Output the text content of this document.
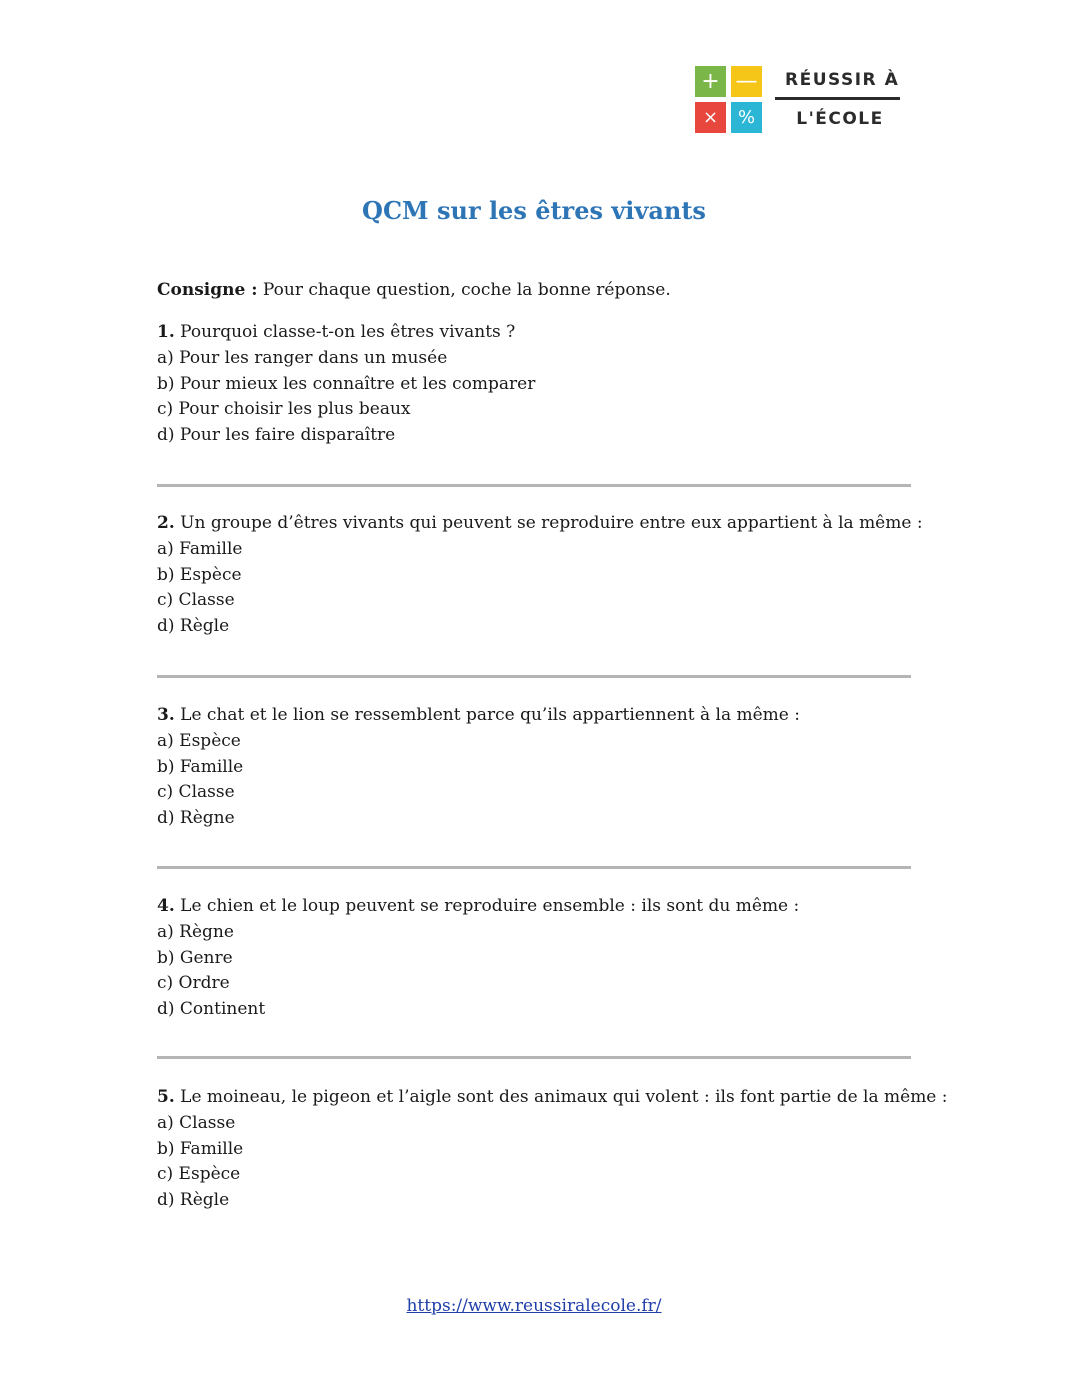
+ —
×	%
RÉUSSIR À
L'ÉCOLE
QCM sur les êtres vivants
Consigne : Pour chaque question, coche la bonne réponse.
1. Pourquoi classe-t-on les êtres vivants ?
a) Pour les ranger dans un musée
b) Pour mieux les connaître et les comparer
c) Pour choisir les plus beaux
d) Pour les faire disparaître
2. Un groupe d’êtres vivants qui peuvent se reproduire entre eux appartient à la même :
a) Famille
b) Espèce
c) Classe
d) Règle
3. Le chat et le lion se ressemblent parce qu’ils appartiennent à la même :
a) Espèce
b) Famille
c) Classe
d) Règne
4. Le chien et le loup peuvent se reproduire ensemble : ils sont du même :
a) Règne
b) Genre
c) Ordre
d) Continent
5. Le moineau, le pigeon et l’aigle sont des animaux qui volent : ils font partie de la même :
a) Classe
b) Famille
c) Espèce
d) Règle
https://www.reussiralecole.fr/
